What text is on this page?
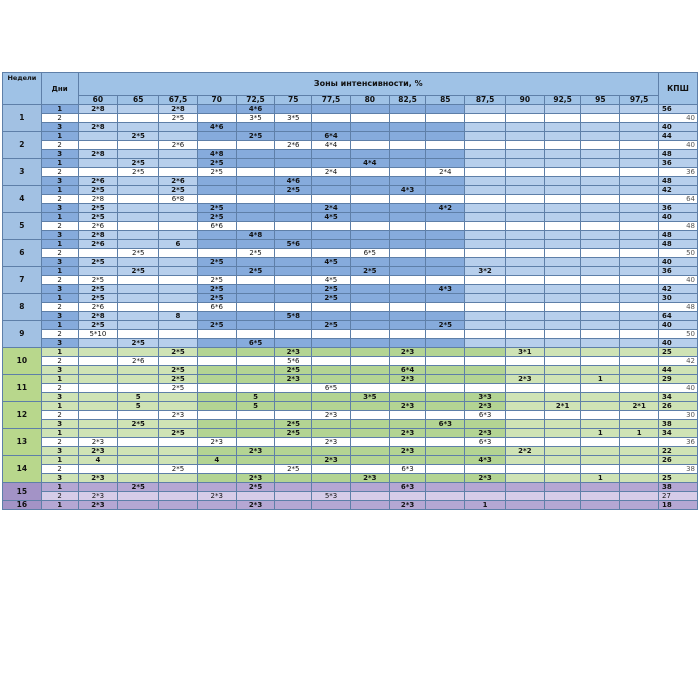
Недели	Дни	Зоны интенсивности, %															КПШ
		60	65	67,5	70	72,5	75	77,5	80	82,5	85	87,5	90	92,5	95	97,5	
1	1	2*8		2*8		4*6											56
	2			2*5		3*5	3*5										40
	3	2*8			4*6												40
2	1		2*5			2*5		6*4									44
	2			2*6			2*6	4*4									40
	3	2*8			4*8												48
3	1		2*5		2*5				4*4								36
	2		2*5		2*5			2*4			2*4						36
	3	2*6		2*6			4*6										48
4	1	2*5		2*5			2*5			4*3							42
	2	2*8		6*8													64
	3	2*5			2*5			2*4			4*2						36
5	1	2*5			2*5			4*5									40
	2	2*6			6*6												48
	3	2*8				4*8											48
6	1	2*6		6			5*6										48
	2		2*5			2*5			6*5								50
	3	2*5			2*5			4*5									40
7	1		2*5			2*5			2*5			3*2					36
	2	2*5			2*5			4*5									40
	3	2*5			2*5			2*5			4*3						42
8	1	2*5			2*5			2*5									30
	2	2*6			6*6												48
	3	2*8		8			5*8										64
9	1	2*5			2*5			2*5			2*5						40
	2	5*10															50
	3		2*5			6*5											40
10	1			2*5			2*3			2*3			3*1				25
	2		2*6				5*6										42
	3			2*5			2*5			6*4							44
11	1			2*5			2*3			2*3			2*3		1		29
	2			2*5				6*5									40
	3		5			5			3*5			3*3					34
12	1		5			5				2*3		2*3		2*1		2*1	26
	2			2*3				2*3				6*3					30
	3		2*5				2*5				6*3						38
13	1			2*5			2*5			2*3		2*3			1	1	34
	2	2*3			2*3			2*3				6*3					36
	3	2*3				2*3				2*3			2*2				22
14	1	4			4			2*3				4*3					26
	2			2*5			2*5			6*3							38
	3	2*3				2*3			2*3			2*3			1		25
15	1		2*5			2*5				6*3							38
	2	2*3			2*3			5*3									27
16	1	2*3				2*3				2*3		1					18
